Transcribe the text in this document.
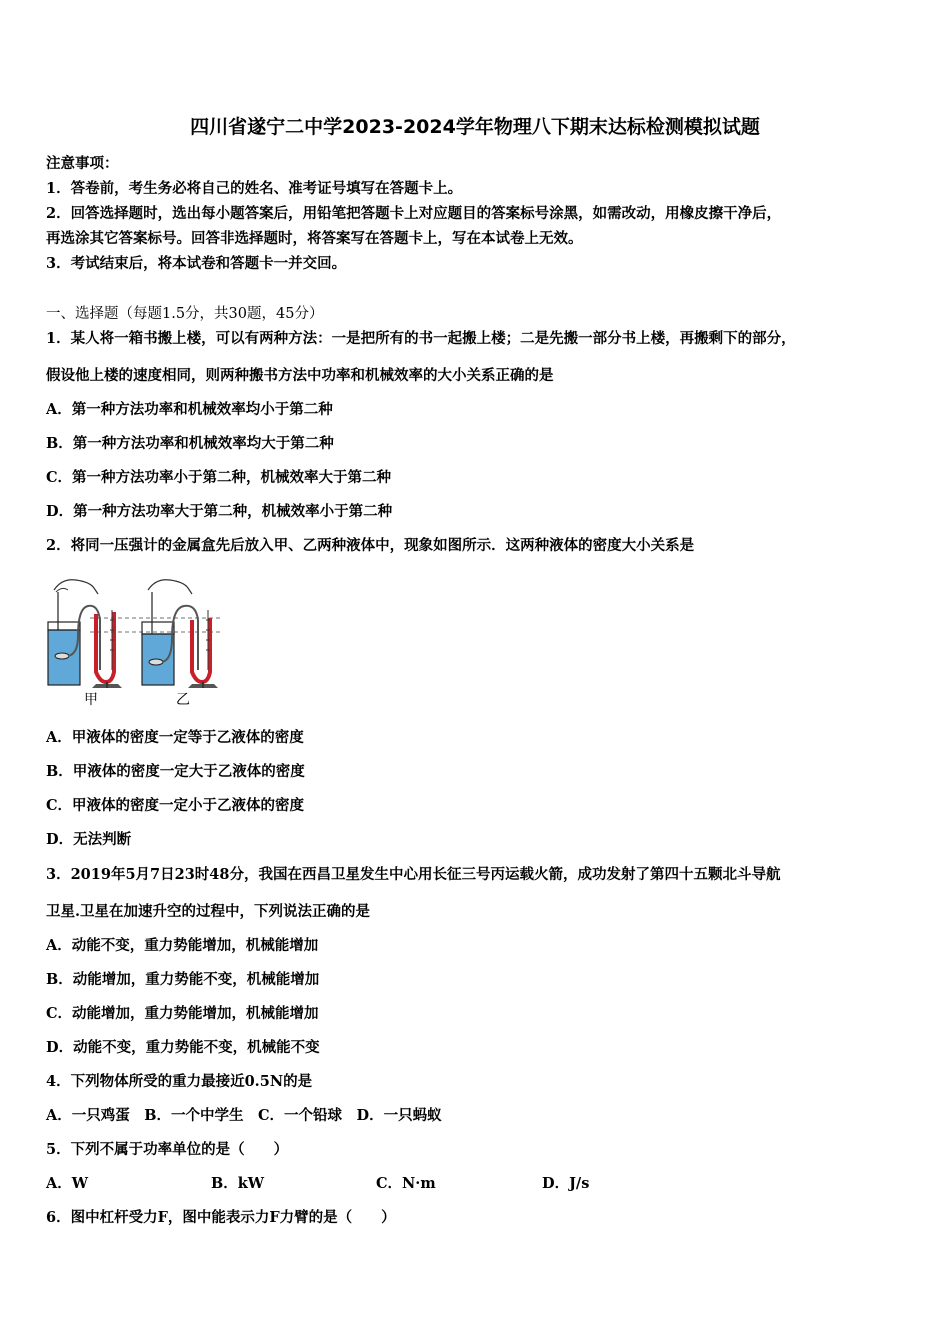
四川省遂宁二中学2023-2024学年物理八下期末达标检测模拟试题
注意事项：
1．答卷前，考生务必将自己的姓名、准考证号填写在答题卡上。
2．回答选择题时，选出每小题答案后，用铅笔把答题卡上对应题目的答案标号涂黑，如需改动，用橡皮擦干净后，
再选涂其它答案标号。回答非选择题时，将答案写在答题卡上，写在本试卷上无效。
3．考试结束后，将本试卷和答题卡一并交回。
一、选择题（每题1.5分，共30题，45分）
1．某人将一箱书搬上楼，可以有两种方法：一是把所有的书一起搬上楼；二是先搬一部分书上楼，再搬剩下的部分，
假设他上楼的速度相同，则两种搬书方法中功率和机械效率的大小关系正确的是
A．第一种方法功率和机械效率均小于第二种
B．第一种方法功率和机械效率均大于第二种
C．第一种方法功率小于第二种，机械效率大于第二种
D．第一种方法功率大于第二种，机械效率小于第二种
2．将同一压强计的金属盒先后放入甲、乙两种液体中，现象如图所示．这两种液体的密度大小关系是
甲	乙
A．甲液体的密度一定等于乙液体的密度
B．甲液体的密度一定大于乙液体的密度
C．甲液体的密度一定小于乙液体的密度
D．无法判断
3．2019年5月7日23时48分，我国在西昌卫星发生中心用长征三号丙运载火箭，成功发射了第四十五颗北斗导航
卫星.卫星在加速升空的过程中，下列说法正确的是
A．动能不变，重力势能增加，机械能增加
B．动能增加，重力势能不变，机械能增加
C．动能增加，重力势能增加，机械能增加
D．动能不变，重力势能不变，机械能不变
4．下列物体所受的重力最接近0.5N的是
A．一只鸡蛋　B．一个中学生　C．一个铅球　D．一只蚂蚁
5．下列不属于功率单位的是（　　）
A．W	B．kW	C．N·m	D．J/s
6．图中杠杆受力F，图中能表示力F力臂的是（　　）
